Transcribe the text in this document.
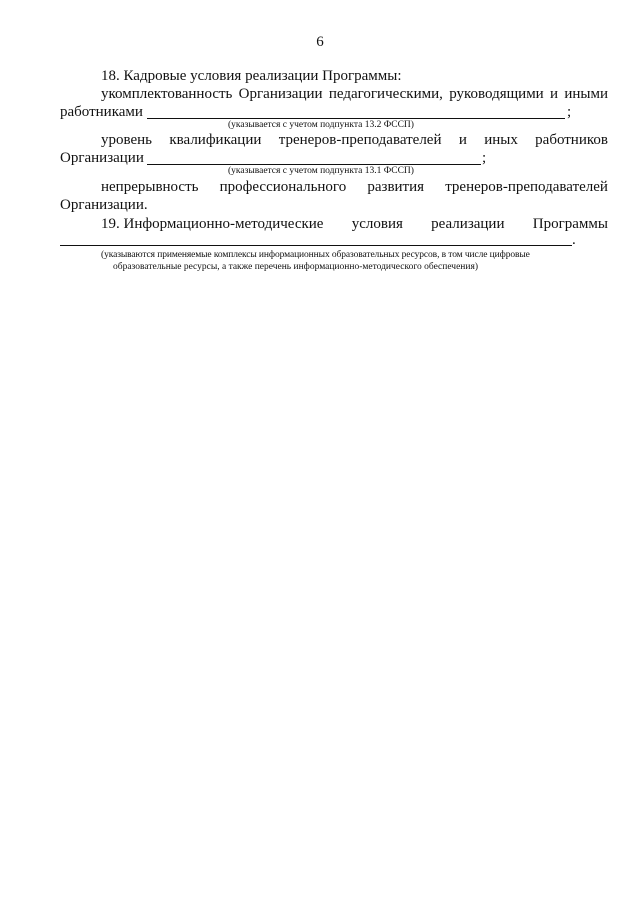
6
18. Кадровые условия реализации Программы:
укомплектованность Организации педагогическими, руководящими и иными
работниками	;
(указывается с учетом подпункта 13.2 ФССП)
уровень квалификации тренеров-преподавателей и иных работников
Организации	;
(указывается с учетом подпункта 13.1 ФССП)
непрерывность профессионального развития тренеров-преподавателей
Организации.
19. Информационно-методические условия реализации Программы
.
(указываются применяемые комплексы информационных образовательных ресурсов, в том числе цифровые
образовательные ресурсы, а также перечень информационно-методического обеспечения)
